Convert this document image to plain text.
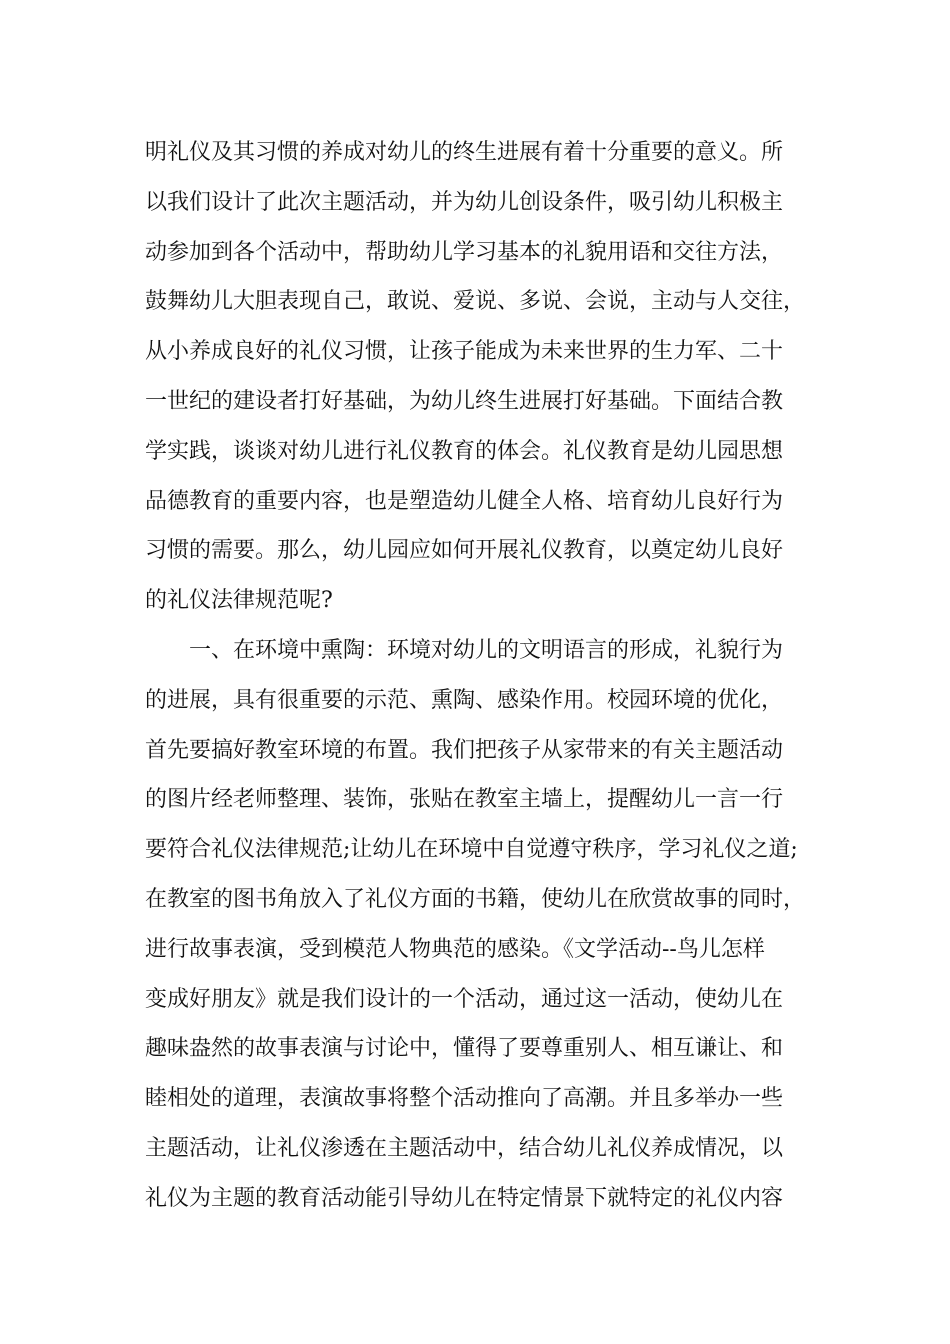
明礼仪及其习惯的养成对幼儿的终生进展有着十分重要的意义。所
以我们设计了此次主题活动，并为幼儿创设条件，吸引幼儿积极主
动参加到各个活动中，帮助幼儿学习基本的礼貌用语和交往方法，
鼓舞幼儿大胆表现自己，敢说、爱说、多说、会说，主动与人交往，
从小养成良好的礼仪习惯，让孩子能成为未来世界的生力军、二十
一世纪的建设者打好基础，为幼儿终生进展打好基础。下面结合教
学实践，谈谈对幼儿进行礼仪教育的体会。礼仪教育是幼儿园思想
品德教育的重要内容，也是塑造幼儿健全人格、培育幼儿良好行为
习惯的需要。那么，幼儿园应如何开展礼仪教育，以奠定幼儿良好
的礼仪法律规范呢?
　　一、在环境中熏陶：环境对幼儿的文明语言的形成，礼貌行为
的进展，具有很重要的示范、熏陶、感染作用。校园环境的优化，
首先要搞好教室环境的布置。我们把孩子从家带来的有关主题活动
的图片经老师整理、装饰，张贴在教室主墙上，提醒幼儿一言一行
要符合礼仪法律规范;让幼儿在环境中自觉遵守秩序，学习礼仪之道;
在教室的图书角放入了礼仪方面的书籍，使幼儿在欣赏故事的同时，
进行故事表演，受到模范人物典范的感染。《文学活动--鸟儿怎样
变成好朋友》就是我们设计的一个活动，通过这一活动，使幼儿在
趣味盎然的故事表演与讨论中，懂得了要尊重别人、相互谦让、和
睦相处的道理，表演故事将整个活动推向了高潮。并且多举办一些
主题活动，让礼仪渗透在主题活动中，结合幼儿礼仪养成情况，以
礼仪为主题的教育活动能引导幼儿在特定情景下就特定的礼仪内容
